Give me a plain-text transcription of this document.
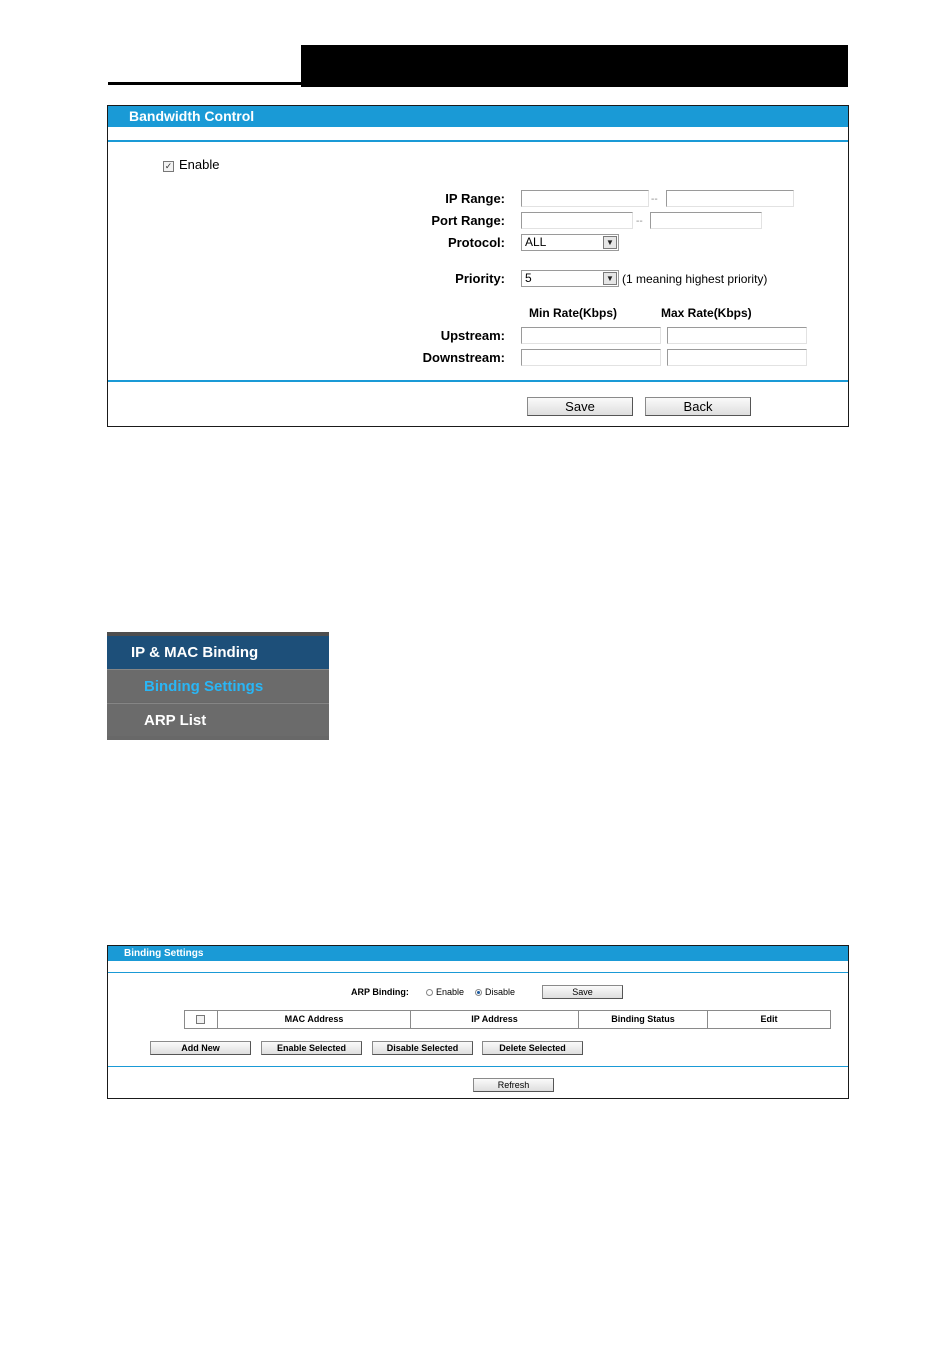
Bandwidth Control
✓ Enable
IP Range:	--
Port Range:	--
Protocol:	ALL	▼
Priority:	5	▼ (1 meaning highest priority)
Min Rate(Kbps)	Max Rate(Kbps)
Upstream:
Downstream:
Save	Back
IP & MAC Binding
Binding Settings
ARP List
Binding Settings
ARP Binding:	Enable	Disable	Save
Add New	Enable Selected	Disable Selected	Delete Selected
Refresh
MAC Address	IP Address	Binding Status	Edit
